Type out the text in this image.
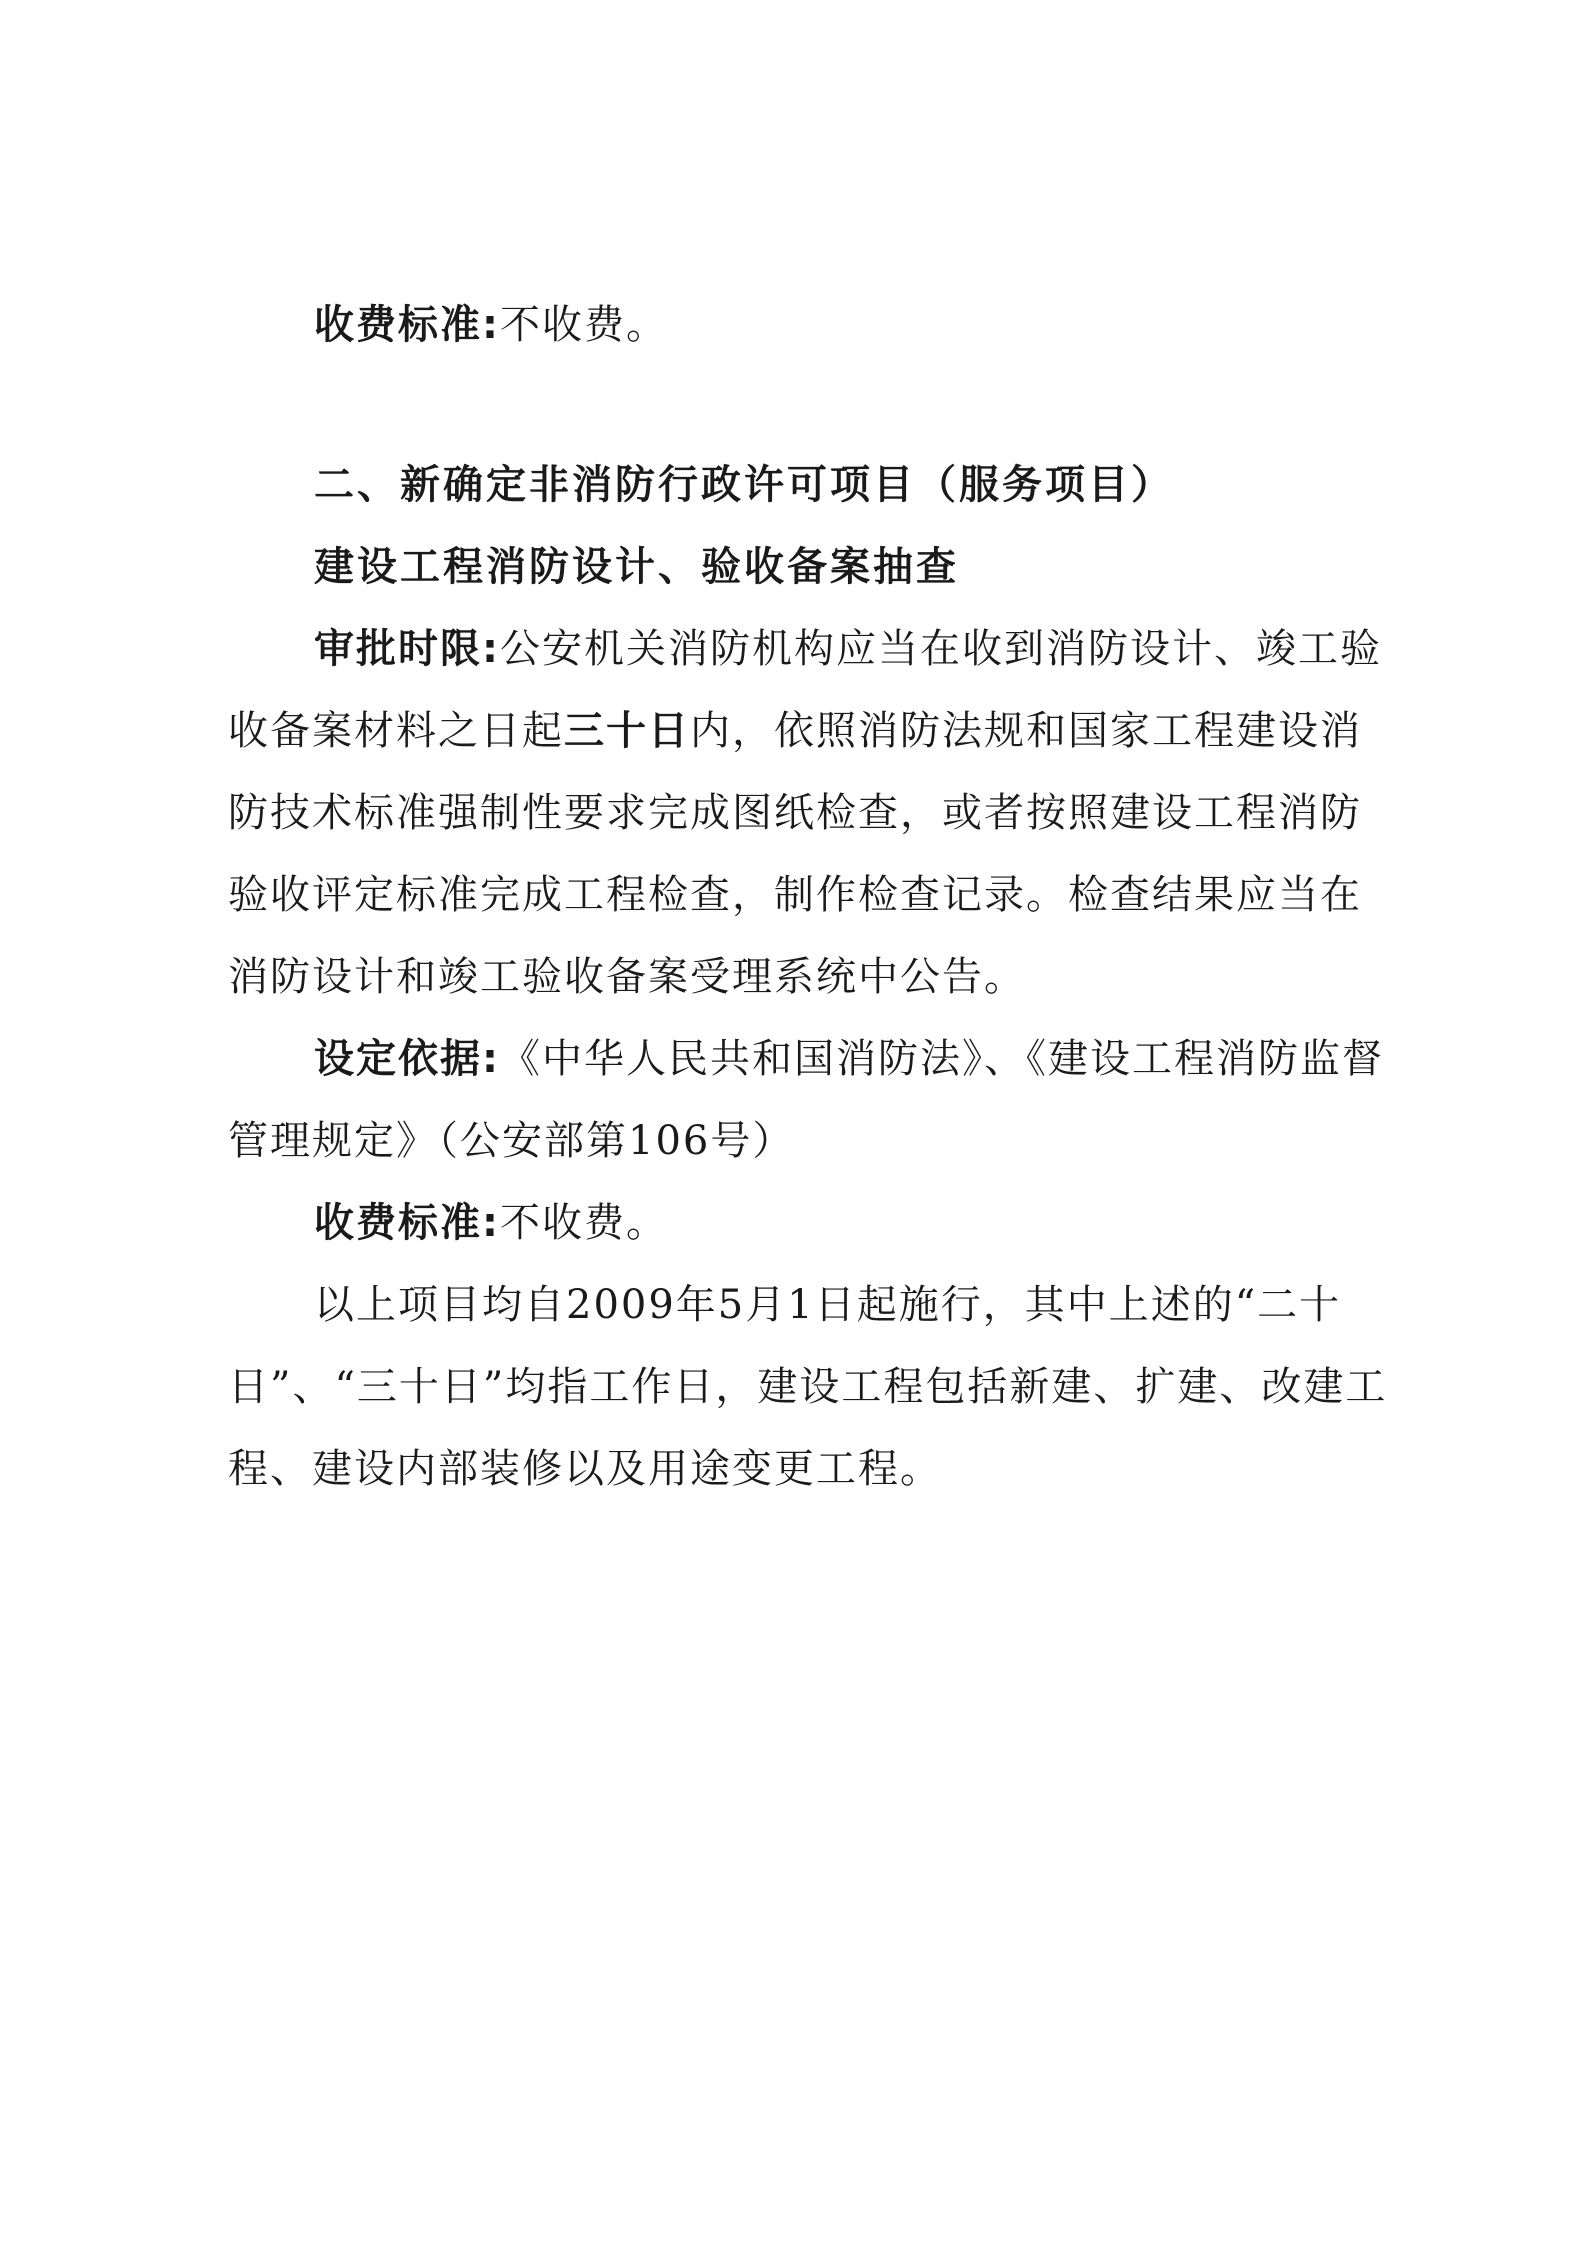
收费标准:不收费。

二、新确定非消防行政许可项目（服务项目）

建设工程消防设计、验收备案抽查

审批时限:公安机关消防机构应当在收到消防设计、竣工验收备案材料之日起三十日内，依照消防法规和国家工程建设消防技术标准强制性要求完成图纸检查，或者按照建设工程消防验收评定标准完成工程检查，制作检查记录。检查结果应当在消防设计和竣工验收备案受理系统中公告。

设定依据:《中华人民共和国消防法》、《建设工程消防监督管理规定》（公安部第106号）

收费标准:不收费。

以上项目均自2009年5月1日起施行，其中上述的“二十日”、“三十日”均指工作日，建设工程包括新建、扩建、改建工程、建设内部装修以及用途变更工程。
